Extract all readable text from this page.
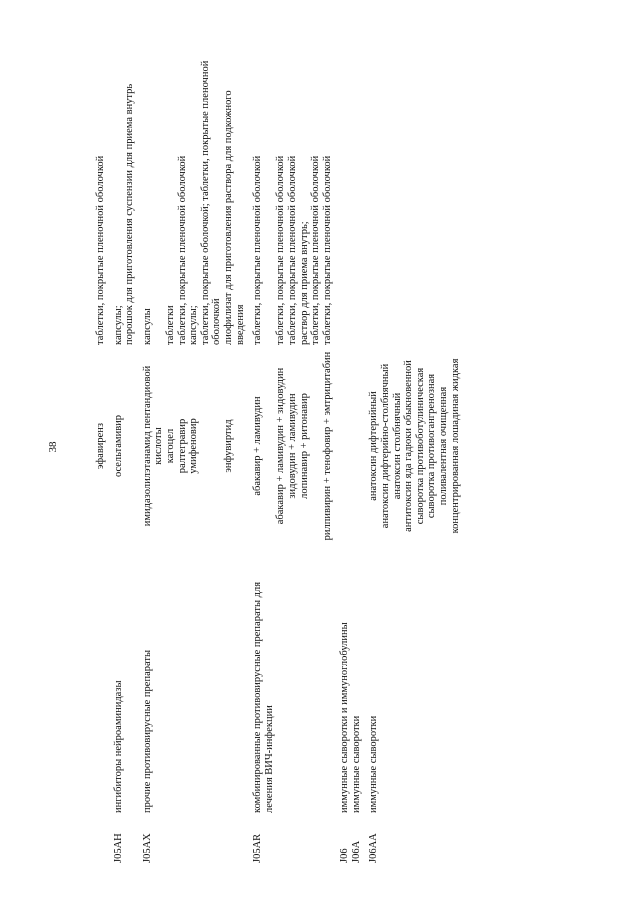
38
			эфавиренз	таблетки, покрытые пленочной оболочкой
J05AH	ингибиторы нейроаминидазы	осельтамивир	капсулы;
порошок для приготовления суспензии для приема внутрь
J05AX	прочие противовирусные препараты	имидазолилэтанамид пентандиовой кислоты	капсулы
		кагоцел	таблетки
		ралтегравир	таблетки, покрытые пленочной оболочкой
		умифеновир	капсулы;
таблетки, покрытые оболочкой; таблетки, покрытые пленочной оболочкой
		энфувиртид	лиофилизат для приготовления раствора для подкожного введения
J05AR	комбинированные противовирусные препараты для лечения ВИЧ-инфекции	абакавир + ламивудин	таблетки, покрытые пленочной оболочкой
		абакавир + ламивудин + зидовудин	таблетки, покрытые пленочной оболочкой
		зидовудин + ламивудин	таблетки, покрытые пленочной оболочкой
		лопинавир + ритонавир	раствор для приема внутрь;
таблетки, покрытые пленочной оболочкой
		рилпивирин + тенофовир + эмтрицитабин	таблетки, покрытые пленочной оболочкой
J06	иммунные сыворотки и иммуноглобулины		
J06A	иммунные сыворотки		
J06AA	иммунные сыворотки	анатоксин дифтерийный	
		анатоксин дифтерийно-столбнячный	
		анатоксин столбнячный	
		антитоксин яда гадюки обыкновенной	
		сыворотка противоботулиническая	
		сыворотка противогангренозная поливалентная очищенная концентрированная лошадиная жидкая	
